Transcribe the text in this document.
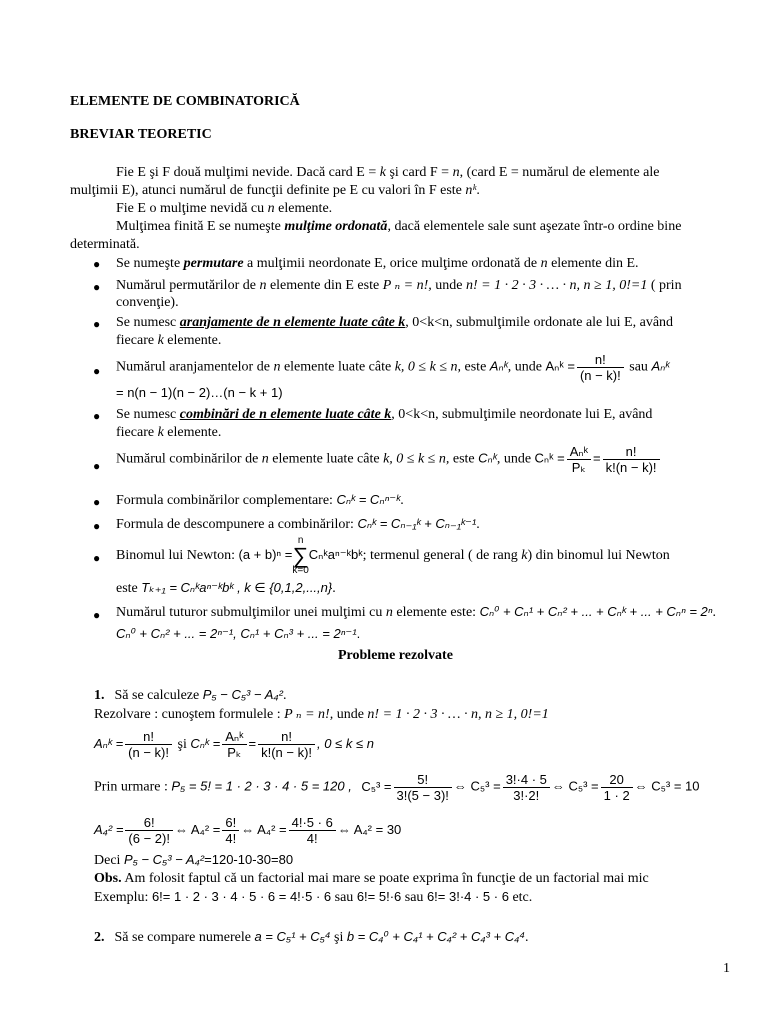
ELEMENTE DE COMBINATORICĂ
BREVIAR TEORETIC
Fie E şi F două mulţimi nevide. Dacă card E = k şi card F = n, (card E = numărul de elemente ale
mulţimii E), atunci numărul de funcţii definite pe E cu valori în F este nᵏ.
Fie E o mulţime nevidă cu n elemente.
Mulţimea finită E se numeşte mulţime ordonată, dacă elementele sale sunt aşezate într-o ordine bine
determinată.
● Se numeşte permutare a mulţimii neordonate E, orice mulţime ordonată de n elemente din E.
● Numărul permutărilor de n elemente din E este P ₙ = n!, unde n! = 1 · 2 · 3 · … · n, n ≥ 1, 0!=1 ( prin
convenţie).
● Se numesc aranjamente de n elemente luate câte k, 0<k<n, submulţimile ordonate ale lui E, având
fiecare k elemente.
● Numărul aranjamentelor de n elemente luate câte k, 0 ≤ k ≤ n, este Aₙᵏ, unde Aₙᵏ = $\frac{n!}{(n - k)!}$ sau Aₙᵏ
= n(n − 1)(n − 2)…(n − k + 1)
● Se numesc combinări de n elemente luate câte k, 0<k<n, submulţimile neordonate lui E, având
fiecare k elemente.
● Numărul combinărilor de n elemente luate câte k, 0 ≤ k ≤ n, este Cₙᵏ, unde Cₙᵏ = $\frac{\text{Aₙᵏ}}{\text{Pₖ}} = \frac{n!}{k!(n - k)!}$
● Formula combinărilor complementare: Cₙᵏ = Cₙⁿ⁻ᵏ.
● Formula de descompunere a combinărilor: Cₙᵏ = Cₙ₋₁ᵏ + Cₙ₋₁ᵏ⁻¹.
● Binomul lui Newton: (a + b)ⁿ =n
∑
k=0Cₙᵏaⁿ⁻ᵏbᵏ; termenul general ( de rang k) din binomul lui Newton
este Tₖ₊₁ = Cₙᵏaⁿ⁻ᵏbᵏ , k ∈ {0,1,2,...,n}.
● Numărul tuturor submulţimilor unei mulţimi cu n elemente este: Cₙ⁰ + Cₙ¹ + Cₙ² + ... + Cₙᵏ + ... + Cₙⁿ = 2ⁿ.
Cₙ⁰ + Cₙ² + ... = 2ⁿ⁻¹, Cₙ¹ + Cₙ³ + ... = 2ⁿ⁻¹.
Probleme rezolvate
1. Să se calculeze P₅ − C₅³ − A₄².
Rezolvare : cunoştem formulele : P ₙ = n!, unde n! = 1 · 2 · 3 · … · n, n ≥ 1, 0!=1
Aₙᵏ = $\frac{n!}{(n - k)!}$ şi Cₙᵏ = $\frac{\text{Aₙᵏ}}{\text{Pₖ}} = \frac{n!}{k!(n - k)!}$ , 0 ≤ k ≤ n
Prin urmare : P₅ = 5! = 1 · 2 · 3 · 4 · 5 = 120 , $C_5^3 = \frac{5!}{3!(5 - 3)!}$ ⇔ $C_5^3 = \frac{3!\cdot 4 \cdot 5}{3!\cdot 2!}$ ⇔ $C_5^3 = \frac{20}{1 \cdot 2}$ ⇔ C₅³ = 10
$A_4^2 = \frac{6!}{(6 - 2)!}$ ⇔ $A_4^2 = \frac{6!}{4!}$ ⇔ $A_4^2 = \frac{4!\cdot 5 \cdot 6}{4!}$ ⇔ A₄² = 30
Deci P₅ − C₅³ − A₄²=120-10-30=80
Obs. Am folosit faptul că un factorial mai mare se poate exprima în funcţie de un factorial mai mic
Exemplu: 6!= 1 · 2 · 3 · 4 · 5 · 6 = 4!·5 · 6 sau 6!= 5!·6 sau 6!= 3!·4 · 5 · 6 etc.
2. Să se compare numerele a = C₅¹ + C₅⁴ şi b = C₄⁰ + C₄¹ + C₄² + C₄³ + C₄⁴.
1
